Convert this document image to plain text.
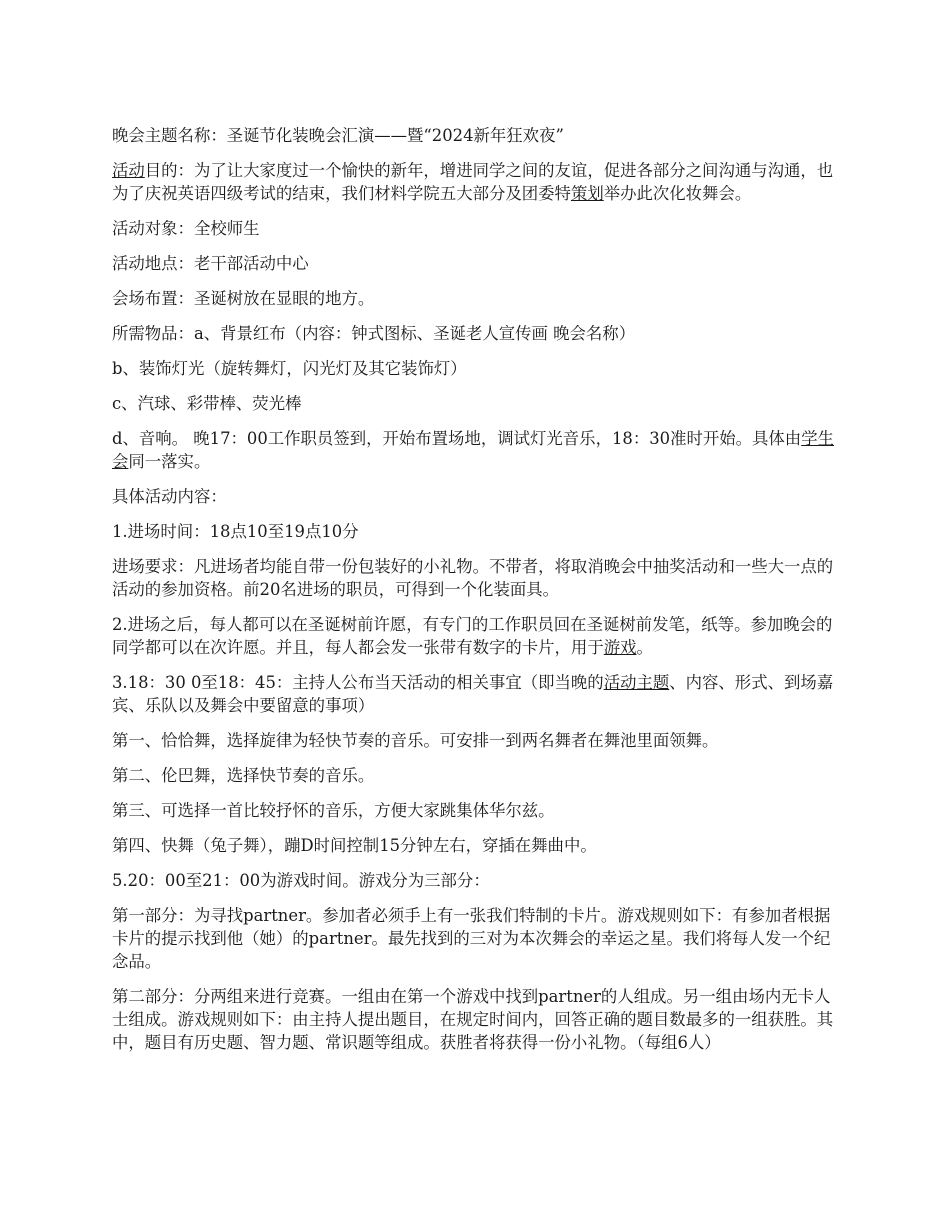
晚会主题名称：圣诞节化装晚会汇演——暨“2024新年狂欢夜”

活动目的：为了让大家度过一个愉快的新年，增进同学之间的友谊，促进各部分之间沟通与沟通，也为了庆祝英语四级考试的结束，我们材料学院五大部分及团委特策划举办此次化妆舞会。

活动对象：全校师生

活动地点：老干部活动中心

会场布置：圣诞树放在显眼的地方。

所需物品：a、背景红布（内容：钟式图标、圣诞老人宣传画 晚会名称）

b、装饰灯光（旋转舞灯，闪光灯及其它装饰灯）

c、汽球、彩带棒、荧光棒

d、音响。 晚17：00工作职员签到，开始布置场地，调试灯光音乐，18：30准时开始。具体由学生会同一落实。

具体活动内容：

1.进场时间：18点10至19点10分

进场要求：凡进场者均能自带一份包装好的小礼物。不带者，将取消晚会中抽奖活动和一些大一点的活动的参加资格。前20名进场的职员，可得到一个化装面具。

2.进场之后，每人都可以在圣诞树前许愿，有专门的工作职员回在圣诞树前发笔，纸等。参加晚会的同学都可以在次许愿。并且，每人都会发一张带有数字的卡片，用于游戏。

3.18：30 0至18：45：主持人公布当天活动的相关事宜（即当晚的活动主题、内容、形式、到场嘉宾、乐队以及舞会中要留意的事项）

第一、恰恰舞，选择旋律为轻快节奏的音乐。可安排一到两名舞者在舞池里面领舞。

第二、伦巴舞，选择快节奏的音乐。

第三、可选择一首比较抒怀的音乐，方便大家跳集体华尔兹。

第四、快舞（兔子舞），蹦D时间控制15分钟左右，穿插在舞曲中。

5.20：00至21：00为游戏时间。游戏分为三部分：

第一部分：为寻找partner。参加者必须手上有一张我们特制的卡片。游戏规则如下：有参加者根据卡片的提示找到他（她）的partner。最先找到的三对为本次舞会的幸运之星。我们将每人发一个纪念品。

第二部分：分两组来进行竞赛。一组由在第一个游戏中找到partner的人组成。另一组由场内无卡人士组成。游戏规则如下：由主持人提出题目，在规定时间内，回答正确的题目数最多的一组获胜。其中，题目有历史题、智力题、常识题等组成。获胜者将获得一份小礼物。（每组6人）
